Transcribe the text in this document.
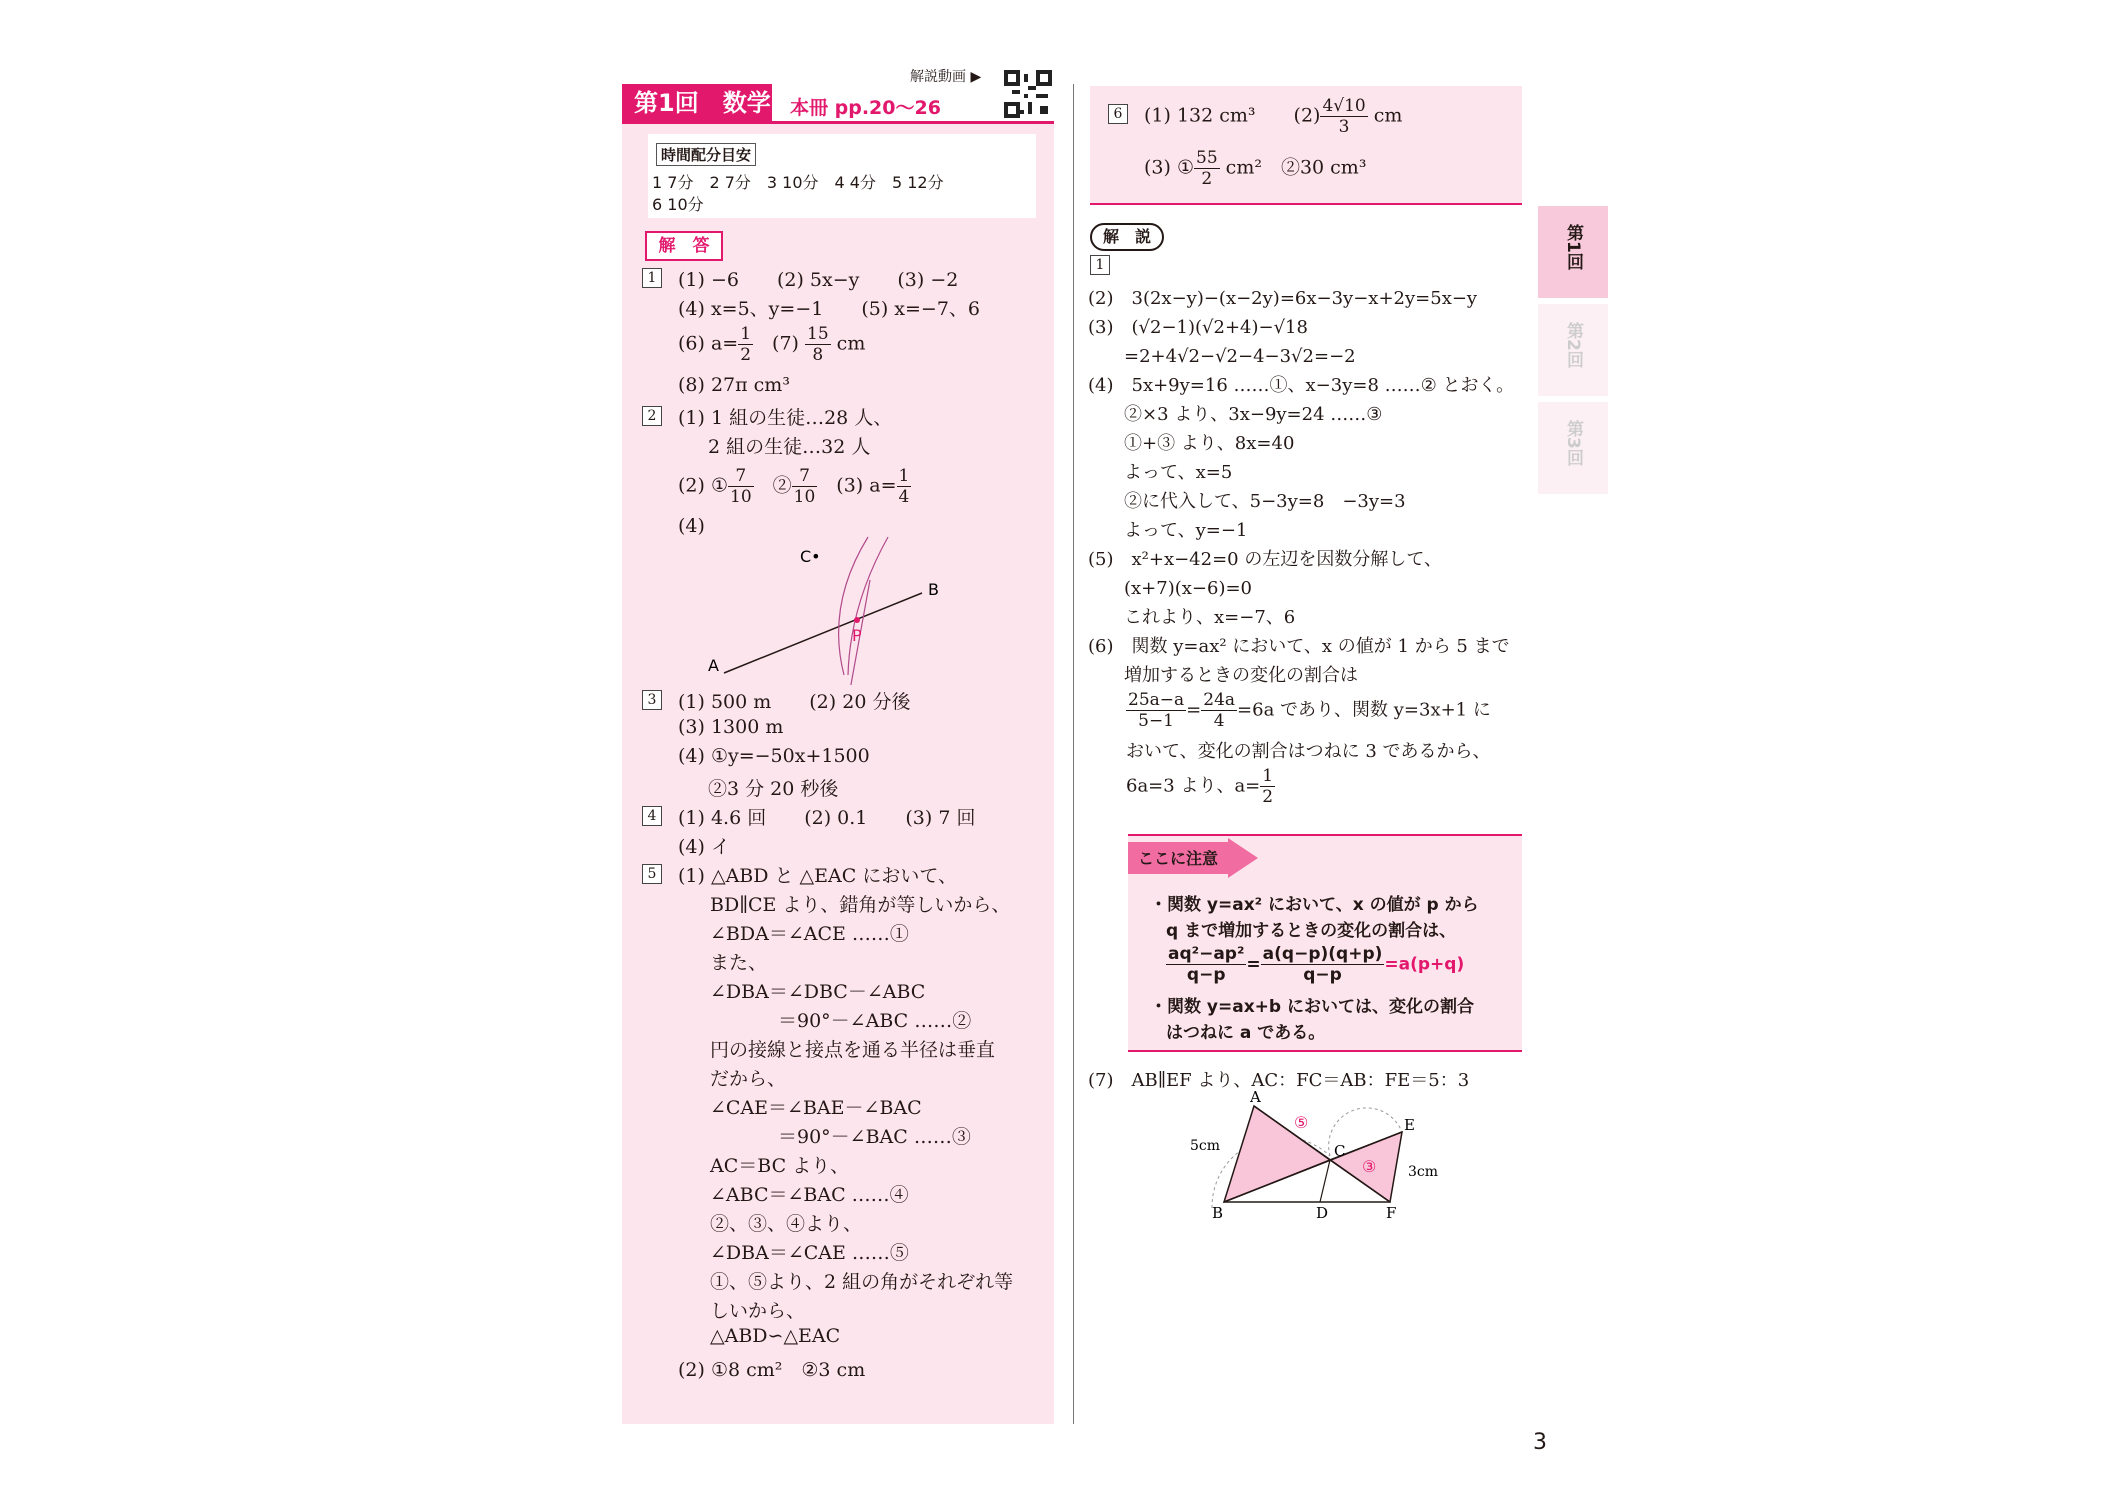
第1回　数学 本冊 pp.20～26
解説動画 ▶
時間配分目安
1 7分　2 7分　3 10分　4 4分　5 12分
6 10分
解　答
1 (1) −6　　(2) 5x−y　　(3) −2
(4) x=5、y=−1　　(5) x=−7、6
(6) $a= \frac{1}{2}$ 　$(7) \frac{15}{8}$ cm
(8) 27π cm³
2 (1) 1 組の生徒…28 人、
2 組の生徒…32 人
(2) ① $\frac{7}{10}$ 　② $\frac{7}{10}$ 　(3) $a= \frac{1}{4}$
(4)
C•
B
A
P
3 (1) 500 m　　(2) 20 分後
(3) 1300 m
(4) ①y=−50x+1500
②3 分 20 秒後
4 (1) 4.6 回　　(2) 0.1　　(3) 7 回
(4) イ
5 (1) △ABD と △EAC において、
BD∥CE より、錯角が等しいから、
∠BDA＝∠ACE ……①
また、
∠DBA＝∠DBC－∠ABC
＝90°－∠ABC ……②
円の接線と接点を通る半径は垂直
だから、
∠CAE＝∠BAE－∠BAC
＝90°－∠BAC ……③
AC＝BC より、
∠ABC＝∠BAC ……④
②、③、④より、
∠DBA＝∠CAE ……⑤
①、⑤より、2 組の角がそれぞれ等
しいから、
△ABD∽△EAC
(2) ①8 cm²　②3 cm
6 (1) 132 cm³　　$(2) \frac{4√10}{3}$ cm
(3) ① $\frac{55}{2} cm^2$　②30 cm³
解　説
1
(2)　3(2x−y)−(x−2y)=6x−3y−x+2y=5x−y
(3)　(√2−1)(√2+4)−√18
　　=2+4√2−√2−4−3√2=−2
(4)　5x+9y=16 ……①、x−3y=8 ……② とおく。
　　②×3 より、3x−9y=24 ……③
　　①+③ より、8x=40
　　よって、x=5
　　②に代入して、5−3y=8　−3y=3
　　よって、y=−1
(5)　x²+x−42=0 の左辺を因数分解して、
　　(x+7)(x−6)=0
　　これより、x=−7、6
(6)　関数 y=ax² において、x の値が 1 から 5 まで
　　増加するときの変化の割合は
$\frac{25a-a}{5-1} = \frac{24a}{4} =6a$ であり、関数 y=3x+1 に
おいて、変化の割合はつねに 3 であるから、
6a=3 より、$a= \frac{1}{2}$
ここに注意
・関数 y=ax² において、x の値が p から
q まで増加するときの変化の割合は、
$\frac{\text{aq²−ap²}}{q-p} = \frac{a(q-p)(q+p)}{q-p} =a(p+q)$
・関数 y=ax+b においては、変化の割合
はつねに a である。
(7)　AB∥EF より、AC：FC＝AB：FE＝5：3
A
B
C
D
E
F
5cm
3cm
⑤
③
第1回
第2回
第3回
3
